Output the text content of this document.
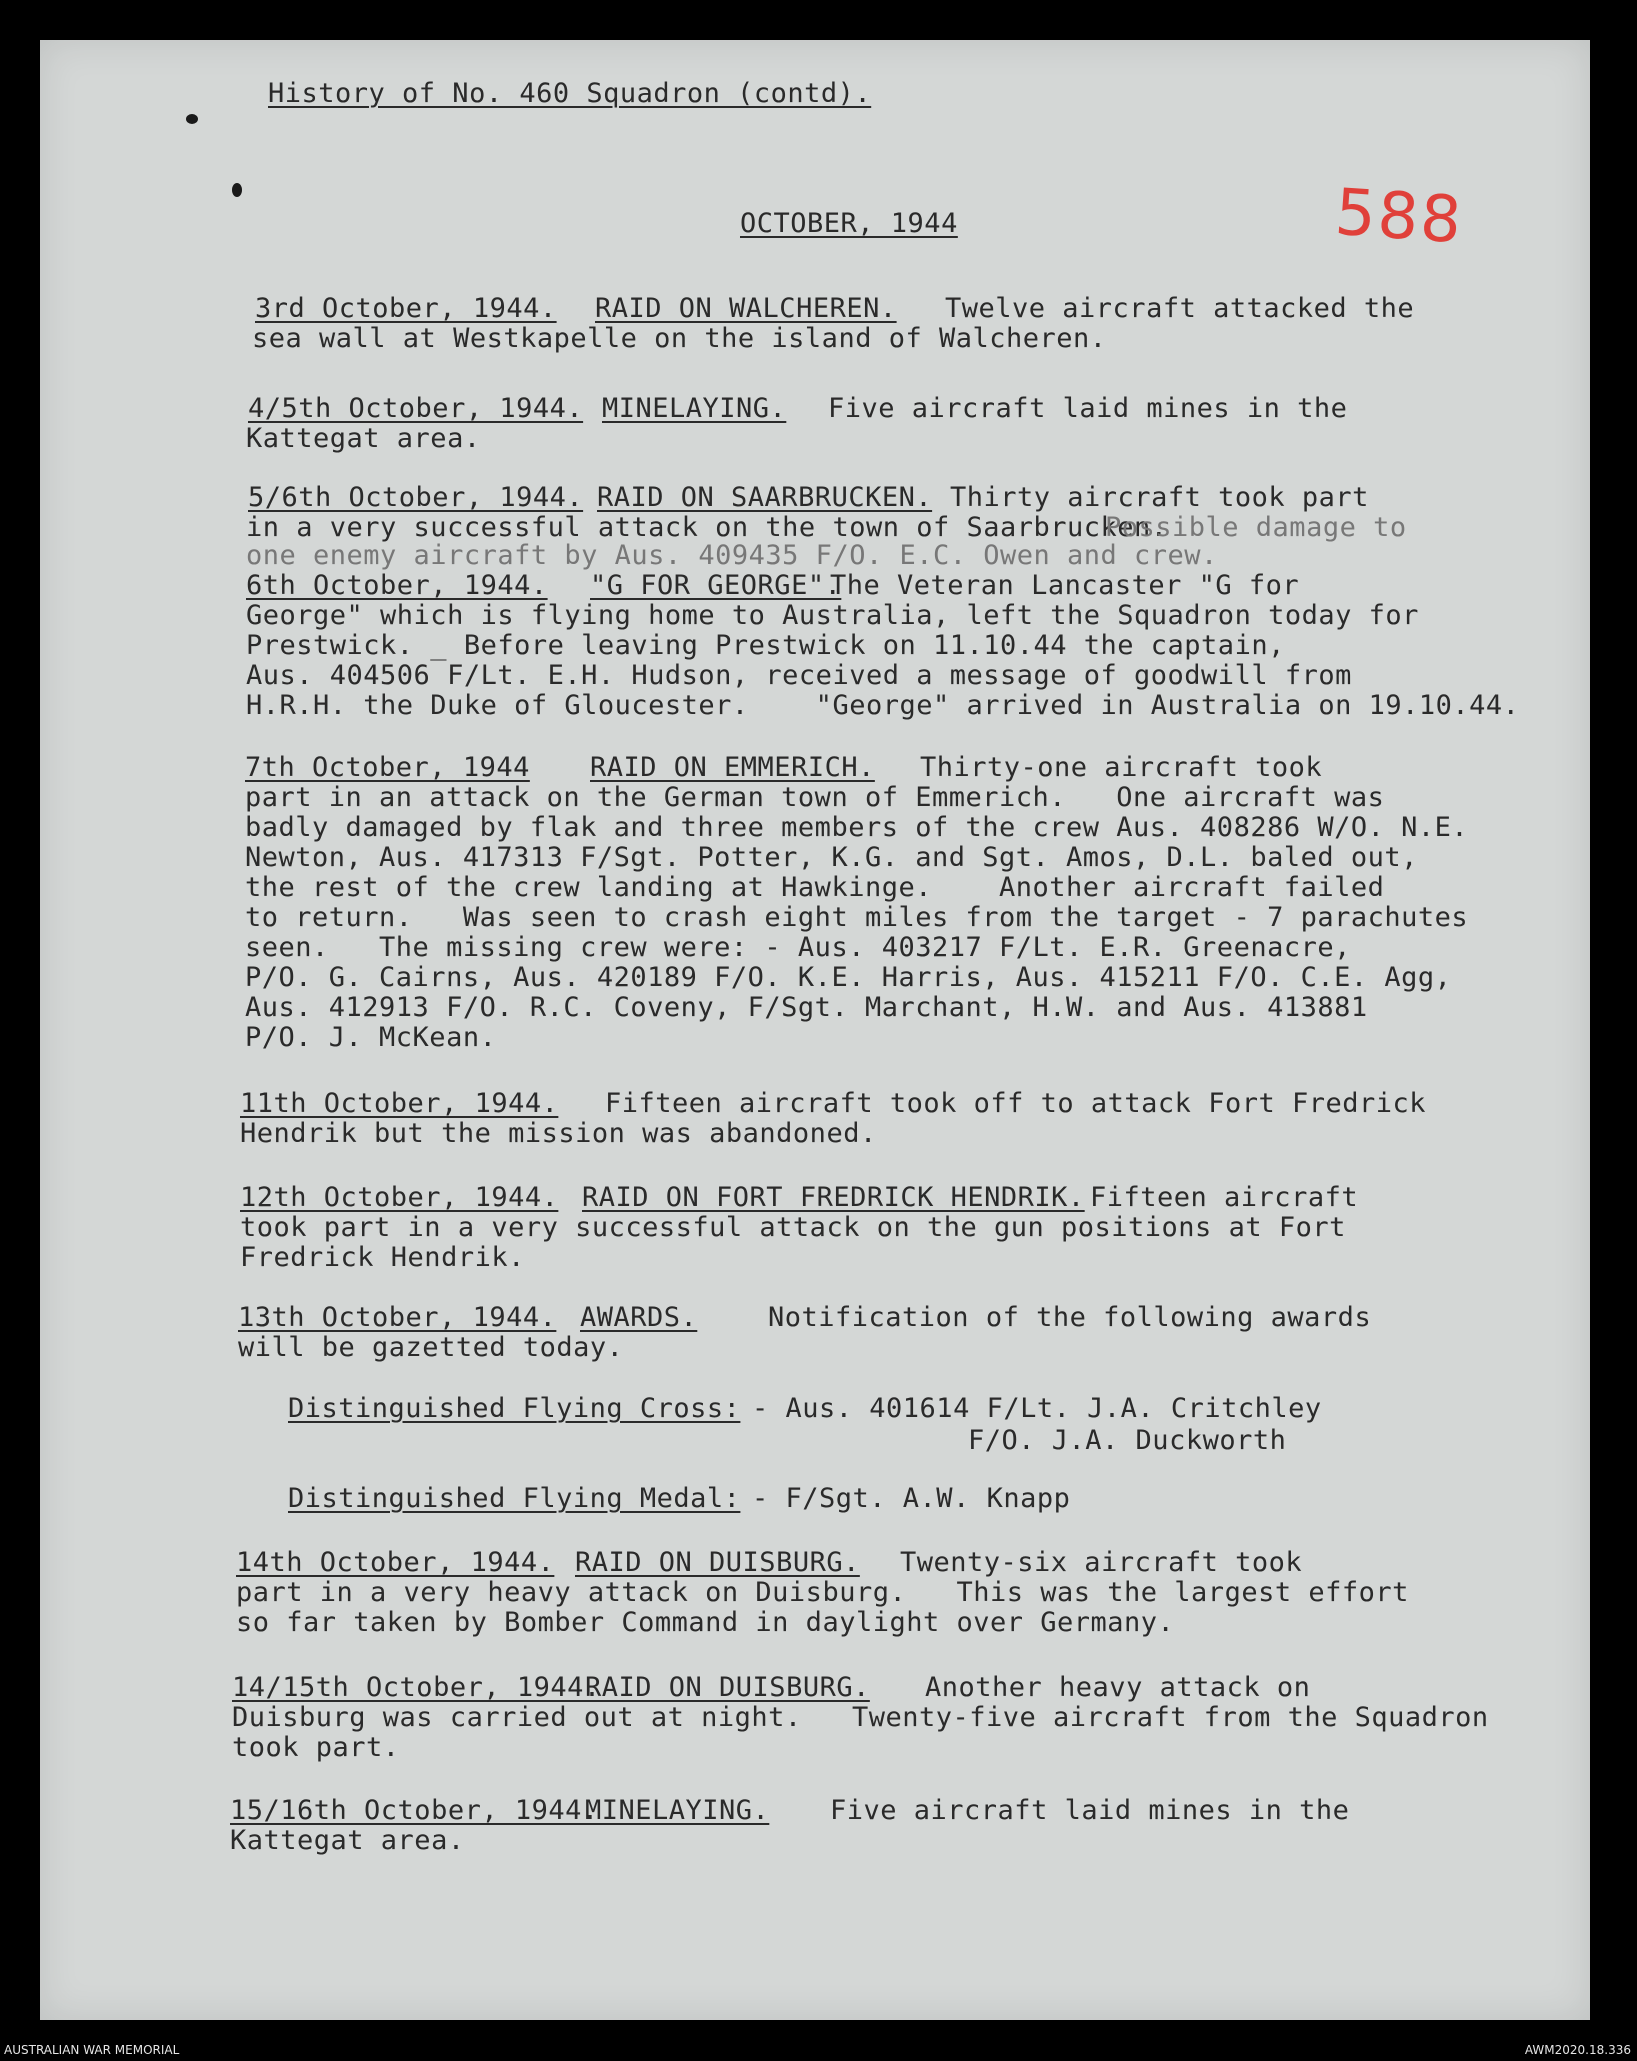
History of No. 460 Squadron (contd).
588
OCTOBER, 1944
3rd October, 1944. RAID ON WALCHEREN. Twelve aircraft attacked the
sea wall at Westkapelle on the island of Walcheren.
4/5th October, 1944. MINELAYING. Five aircraft laid mines in the
Kattegat area.
5/6th October, 1944. RAID ON SAARBRUCKEN. Thirty aircraft took part
in a very successful attack on the town of Saarbrucken.
Possible damage to
one enemy aircraft by Aus. 409435 F/O. E.C. Owen and crew.
6th October, 1944. "G FOR GEORGE".
The Veteran Lancaster "G for
George" which is flying home to Australia, left the Squadron today for
Prestwick. _ Before leaving Prestwick on 11.10.44 the captain,
Aus. 404506 F/Lt. E.H. Hudson, received a message of goodwill from
H.R.H. the Duke of Gloucester.    "George" arrived in Australia on 19.10.44.
7th October, 1944 RAID ON EMMERICH. Thirty-one aircraft took
part in an attack on the German town of Emmerich.   One aircraft was
badly damaged by flak and three members of the crew Aus. 408286 W/O. N.E.
Newton, Aus. 417313 F/Sgt. Potter, K.G. and Sgt. Amos, D.L. baled out,
the rest of the crew landing at Hawkinge.    Another aircraft failed
to return.   Was seen to crash eight miles from the target - 7 parachutes
seen.   The missing crew were: - Aus. 403217 F/Lt. E.R. Greenacre,
P/O. G. Cairns, Aus. 420189 F/O. K.E. Harris, Aus. 415211 F/O. C.E. Agg,
Aus. 412913 F/O. R.C. Coveny, F/Sgt. Marchant, H.W. and Aus. 413881
P/O. J. McKean.
11th October, 1944. Fifteen aircraft took off to attack Fort Fredrick
Hendrik but the mission was abandoned.
12th October, 1944. RAID ON FORT FREDRICK HENDRIK. Fifteen aircraft
took part in a very successful attack on the gun positions at Fort
Fredrick Hendrik.
13th October, 1944. AWARDS.	Notification of the following awards
will be gazetted today.
Distinguished Flying Cross: - Aus. 401614 F/Lt. J.A. Critchley
F/O. J.A. Duckworth
Distinguished Flying Medal: - F/Sgt. A.W. Knapp
14th October, 1944. RAID ON DUISBURG. Twenty-six aircraft took
part in a very heavy attack on Duisburg.   This was the largest effort
so far taken by Bomber Command in daylight over Germany.
14/15th October, 1944.
RAID ON DUISBURG. Another heavy attack on
Duisburg was carried out at night.   Twenty-five aircraft from the Squadron
took part.
15/16th October, 1944.
MINELAYING. Five aircraft laid mines in the
Kattegat area.
AUSTRALIAN WAR MEMORIAL	AWM2020.18.336
